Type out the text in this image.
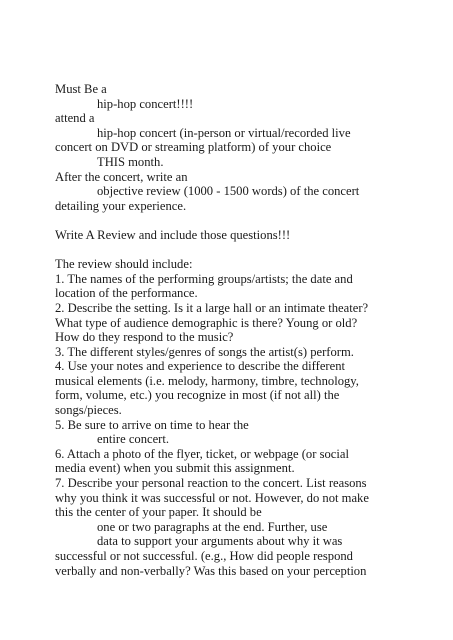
Must Be a
hip-hop concert!!!!
attend a
hip-hop concert (in-person or virtual/recorded live
concert on DVD or streaming platform) of your choice
THIS month.
After the concert, write an
objective review (1000 - 1500 words) of the concert
detailing your experience.
Write A Review and include those questions!!!
The review should include:
1. The names of the performing groups/artists; the date and
location of the performance.
2. Describe the setting. Is it a large hall or an intimate theater?
What type of audience demographic is there? Young or old?
How do they respond to the music?
3. The different styles/genres of songs the artist(s) perform.
4. Use your notes and experience to describe the different
musical elements (i.e. melody, harmony, timbre, technology,
form, volume, etc.) you recognize in most (if not all) the
songs/pieces.
5. Be sure to arrive on time to hear the
entire concert.
6. Attach a photo of the flyer, ticket, or webpage (or social
media event) when you submit this assignment.
7. Describe your personal reaction to the concert. List reasons
why you think it was successful or not. However, do not make
this the center of your paper. It should be
one or two paragraphs at the end. Further, use
data to support your arguments about why it was
successful or not successful. (e.g., How did people respond
verbally and non-verbally? Was this based on your perception
